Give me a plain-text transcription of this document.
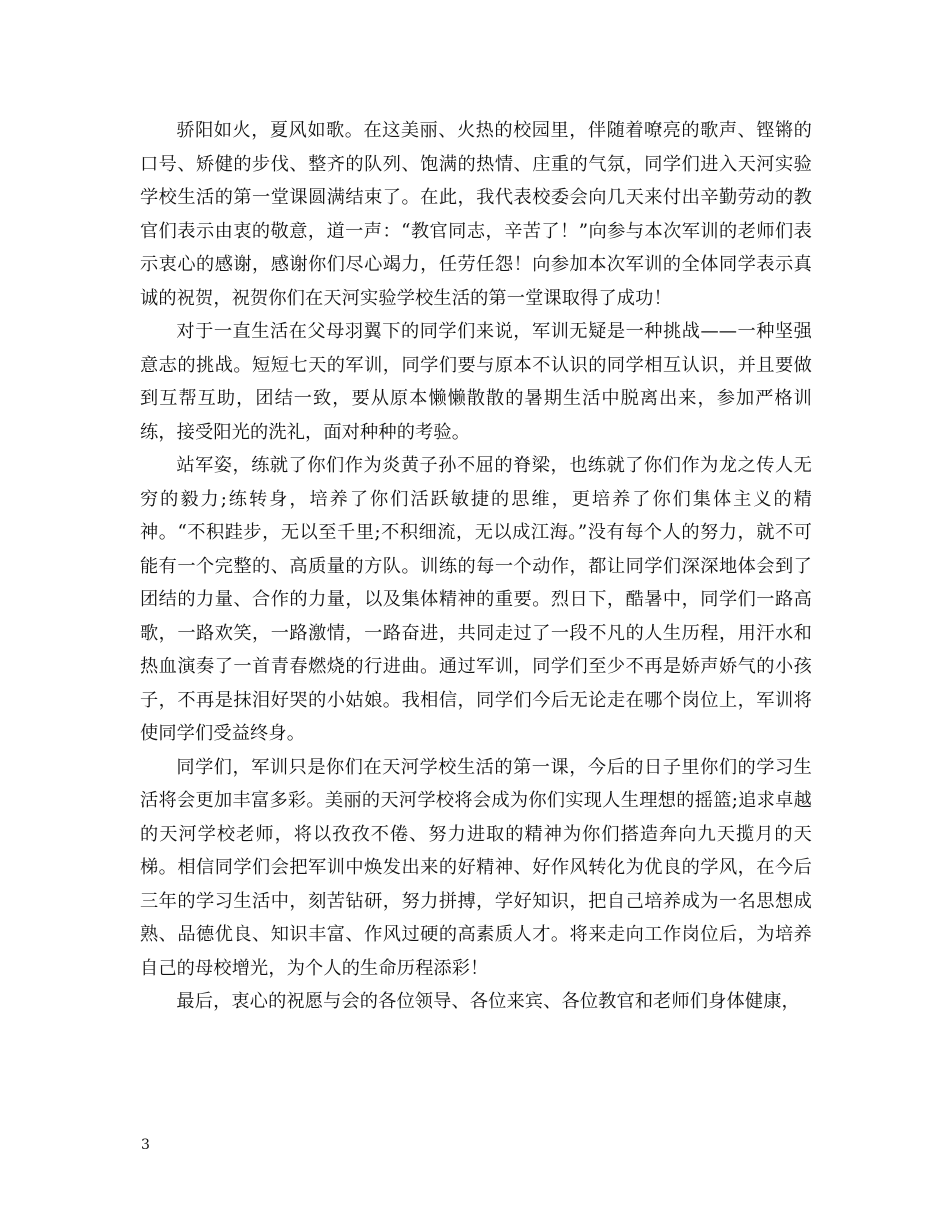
骄阳如火，夏风如歌。在这美丽、火热的校园里，伴随着嘹亮的歌声、铿锵的口号、矫健的步伐、整齐的队列、饱满的热情、庄重的气氛，同学们进入天河实验学校生活的第一堂课圆满结束了。在此，我代表校委会向几天来付出辛勤劳动的教官们表示由衷的敬意，道一声：“教官同志，辛苦了！”向参与本次军训的老师们表示衷心的感谢，感谢你们尽心竭力，任劳任怨！向参加本次军训的全体同学表示真诚的祝贺，祝贺你们在天河实验学校生活的第一堂课取得了成功！

对于一直生活在父母羽翼下的同学们来说，军训无疑是一种挑战——一种坚强意志的挑战。短短七天的军训，同学们要与原本不认识的同学相互认识，并且要做到互帮互助，团结一致，要从原本懒懒散散的暑期生活中脱离出来，参加严格训练，接受阳光的洗礼，面对种种的考验。

站军姿，练就了你们作为炎黄子孙不屈的脊梁，也练就了你们作为龙之传人无穷的毅力;练转身，培养了你们活跃敏捷的思维，更培养了你们集体主义的精神。“不积跬步，无以至千里;不积细流，无以成江海。”没有每个人的努力，就不可能有一个完整的、高质量的方队。训练的每一个动作，都让同学们深深地体会到了团结的力量、合作的力量，以及集体精神的重要。烈日下，酷暑中，同学们一路高歌，一路欢笑，一路激情，一路奋进，共同走过了一段不凡的人生历程，用汗水和热血演奏了一首青春燃烧的行进曲。通过军训，同学们至少不再是娇声娇气的小孩子，不再是抹泪好哭的小姑娘。我相信，同学们今后无论走在哪个岗位上，军训将使同学们受益终身。

同学们，军训只是你们在天河学校生活的第一课，今后的日子里你们的学习生活将会更加丰富多彩。美丽的天河学校将会成为你们实现人生理想的摇篮;追求卓越的天河学校老师，将以孜孜不倦、努力进取的精神为你们搭造奔向九天揽月的天梯。相信同学们会把军训中焕发出来的好精神、好作风转化为优良的学风，在今后三年的学习生活中，刻苦钻研，努力拼搏，学好知识，把自己培养成为一名思想成熟、品德优良、知识丰富、作风过硬的高素质人才。将来走向工作岗位后，为培养自己的母校增光，为个人的生命历程添彩！

最后，衷心的祝愿与会的各位领导、各位来宾、各位教官和老师们身体健康，

3
